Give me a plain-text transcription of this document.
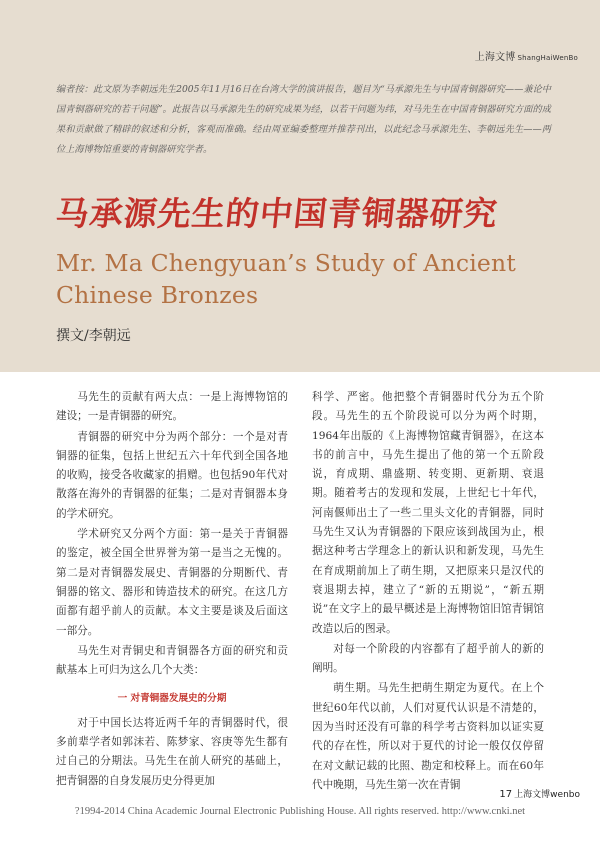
上海文博 ShangHaiWenBo
编者按：此文原为李朝远先生2005年11月16日在台湾大学的演讲报告，题目为“马承源先生与中国青铜器研究——兼论中国青铜器研究的若干问题”。此报告以马承源先生的研究成果为经，以若干问题为纬，对马先生在中国青铜器研究方面的成果和贡献做了精辟的叙述和分析，客观而准确。经由周亚编委整理并推荐刊出，以此纪念马承源先生、李朝远先生——两位上海博物馆重要的青铜器研究学者。
马承源先生的中国青铜器研究
Mr. Ma Chengyuan’s Study of Ancient Chinese Bronzes
撰文/李朝远

马先生的贡献有两大点：一是上海博物馆的建设；一是青铜器的研究。

青铜器的研究中分为两个部分：一个是对青铜器的征集，包括上世纪五六十年代到全国各地的收购，接受各收藏家的捐赠。也包括90年代对散落在海外的青铜器的征集；二是对青铜器本身的学术研究。

学术研究又分两个方面：第一是关于青铜器的鉴定，被全国全世界誉为第一是当之无愧的。第二是对青铜器发展史、青铜器的分期断代、青铜器的铭文、器形和铸造技术的研究。在这几方面都有超乎前人的贡献。本文主要是谈及后面这一部分。

马先生对青铜史和青铜器各方面的研究和贡献基本上可归为这么几个大类：

一 对青铜器发展史的分期

对于中国长达将近两千年的青铜器时代，很多前辈学者如郭沫若、陈梦家、容庚等先生都有过自己的分期法。马先生在前人研究的基础上，把青铜器的自身发展历史分得更加

科学、严密。他把整个青铜器时代分为五个阶段。马先生的五个阶段说可以分为两个时期，1964年出版的《上海博物馆藏青铜器》，在这本书的前言中，马先生提出了他的第一个五阶段说，育成期、鼎盛期、转变期、更新期、衰退期。随着考古的发现和发展，上世纪七十年代，河南偃师出土了一些二里头文化的青铜器，同时马先生又认为青铜器的下限应该到战国为止，根据这种考古学理念上的新认识和新发现，马先生在育成期前加上了萌生期，又把原来只是汉代的衰退期去掉，建立了“新的五期说”，“新五期说”在文字上的最早概述是上海博物馆旧馆青铜馆改造以后的图录。

对每一个阶段的内容都有了超乎前人的新的阐明。

萌生期。马先生把萌生期定为夏代。在上个世纪60年代以前，人们对夏代认识是不清楚的，因为当时还没有可靠的科学考古资料加以证实夏代的存在性，所以对于夏代的讨论一般仅仅停留在对文献记载的比照、勘定和校释上。而在60年代中晚期，马先生第一次在青铜

17 上海文博wenbo
?1994-2014 China Academic Journal Electronic Publishing House. All rights reserved. http://www.cnki.net
